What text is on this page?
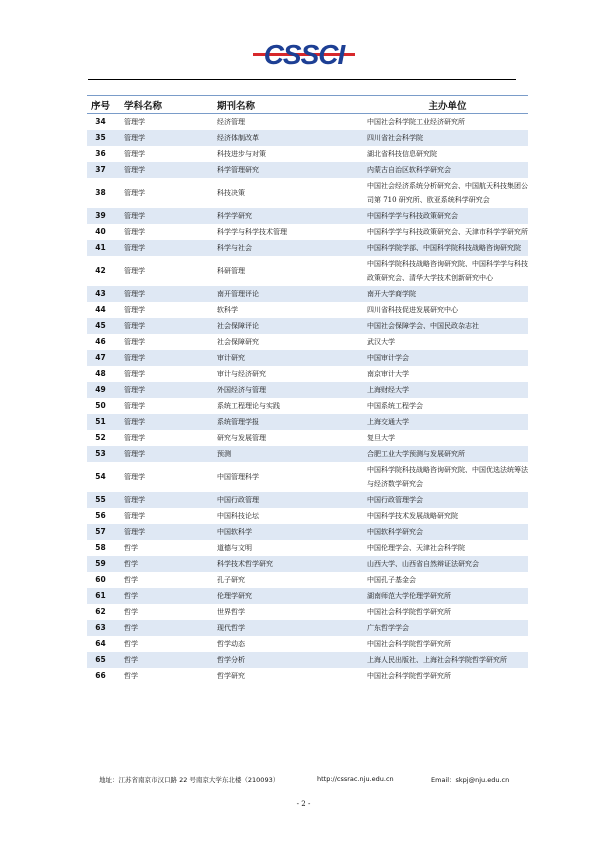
CSSCI
序号	学科名称	期刊名称	主办单位
34	管理学	经济管理	中国社会科学院工业经济研究所
35	管理学	经济体制改革	四川省社会科学院
36	管理学	科技进步与对策	湖北省科技信息研究院
37	管理学	科学管理研究	内蒙古自治区软科学研究会
38	管理学	科技决策	中国社会经济系统分析研究会、中国航天科技集团公司第 710 研究所、欧亚系统科学研究会
39	管理学	科学学研究	中国科学学与科技政策研究会
40	管理学	科学学与科学技术管理	中国科学学与科技政策研究会、天津市科学学研究所
41	管理学	科学与社会	中国科学院学部、中国科学院科技战略咨询研究院
42	管理学	科研管理	中国科学院科技战略咨询研究院、中国科学学与科技政策研究会、清华大学技术创新研究中心
43	管理学	南开管理评论	南开大学商学院
44	管理学	软科学	四川省科技促进发展研究中心
45	管理学	社会保障评论	中国社会保障学会、中国民政杂志社
46	管理学	社会保障研究	武汉大学
47	管理学	审计研究	中国审计学会
48	管理学	审计与经济研究	南京审计大学
49	管理学	外国经济与管理	上海财经大学
50	管理学	系统工程理论与实践	中国系统工程学会
51	管理学	系统管理学报	上海交通大学
52	管理学	研究与发展管理	复旦大学
53	管理学	预测	合肥工业大学预测与发展研究所
54	管理学	中国管理科学	中国科学院科技战略咨询研究院、中国优选法统筹法与经济数学研究会
55	管理学	中国行政管理	中国行政管理学会
56	管理学	中国科技论坛	中国科学技术发展战略研究院
57	管理学	中国软科学	中国软科学研究会
58	哲学	道德与文明	中国伦理学会、天津社会科学院
59	哲学	科学技术哲学研究	山西大学、山西省自然辩证法研究会
60	哲学	孔子研究	中国孔子基金会
61	哲学	伦理学研究	湖南师范大学伦理学研究所
62	哲学	世界哲学	中国社会科学院哲学研究所
63	哲学	现代哲学	广东哲学学会
64	哲学	哲学动态	中国社会科学院哲学研究所
65	哲学	哲学分析	上海人民出版社、上海社会科学院哲学研究所
66	哲学	哲学研究	中国社会科学院哲学研究所
地址：江苏省南京市汉口路 22 号南京大学东北楼（210093）	http://cssrac.nju.edu.cn	Email：skpj@nju.edu.cn
- 2 -
